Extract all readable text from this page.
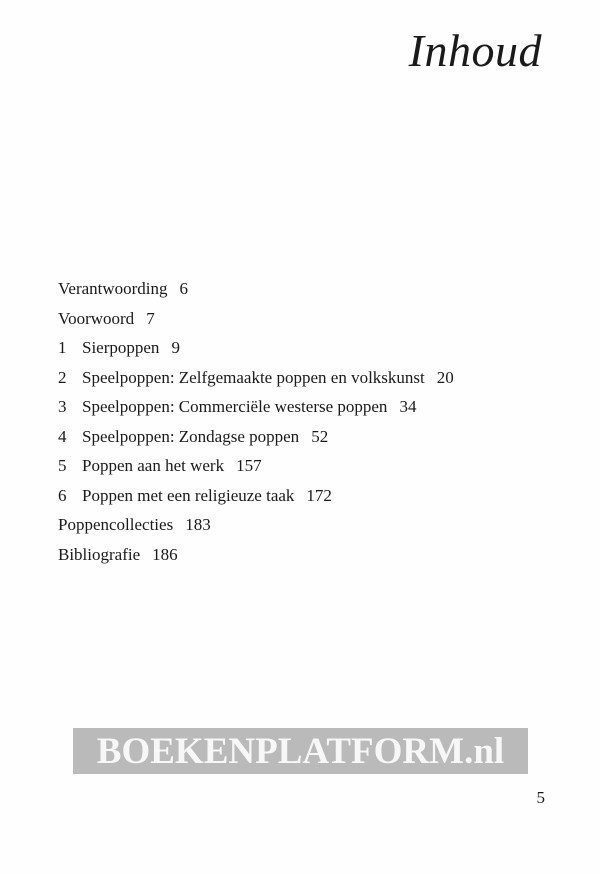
Inhoud
Verantwoording 6
Voorwoord 7
1 Sierpoppen 9
2 Speelpoppen: Zelfgemaakte poppen en volkskunst 20
3 Speelpoppen: Commerciële westerse poppen 34
4 Speelpoppen: Zondagse poppen 52
5 Poppen aan het werk 157
6 Poppen met een religieuze taak 172
Poppencollecties 183
Bibliografie 186
BOEKENPLATFORM.nl
5
